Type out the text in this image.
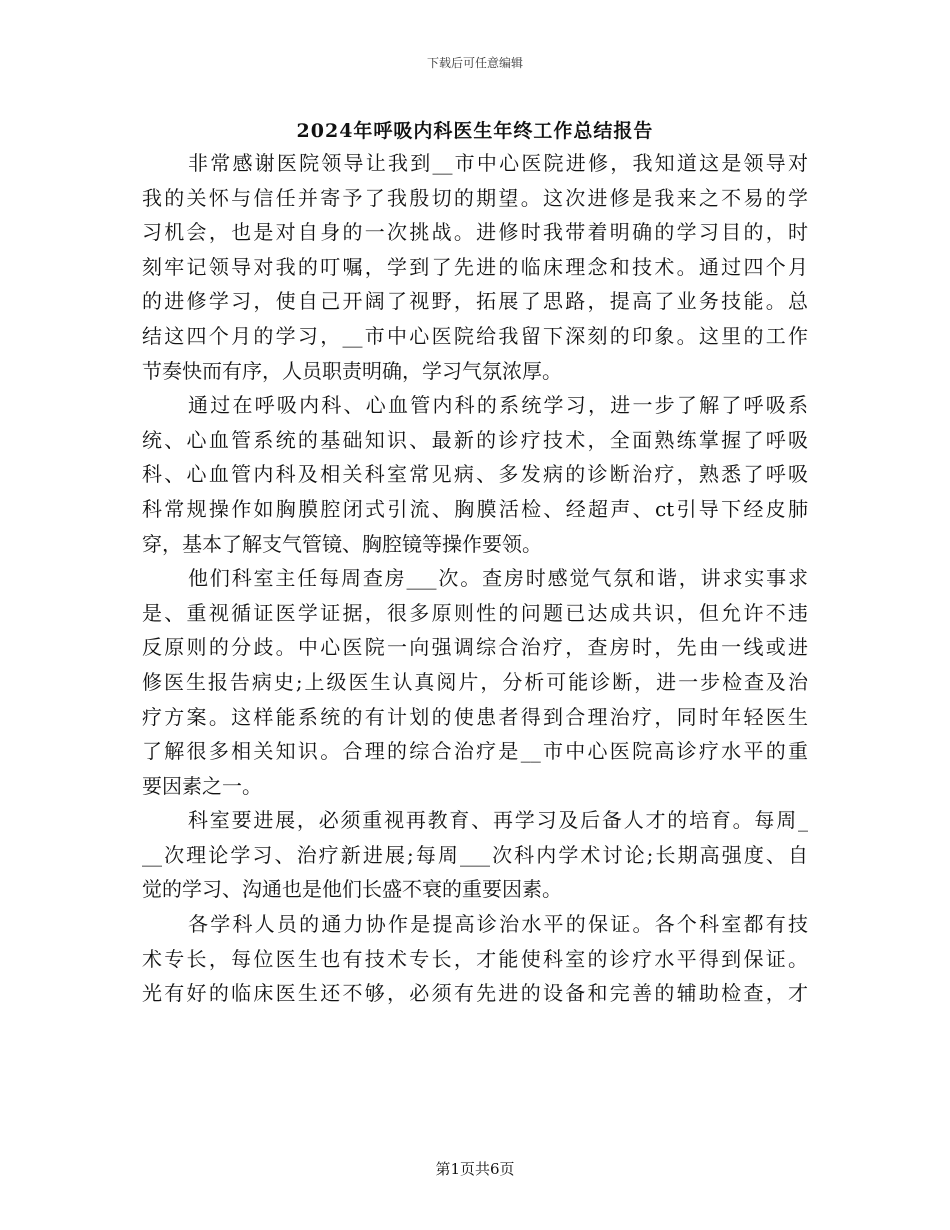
下载后可任意编辑
2024年呼吸内科医生年终工作总结报告
非常感谢医院领导让我到__市中心医院进修，我知道这是领导对
我的关怀与信任并寄予了我殷切的期望。这次进修是我来之不易的学
习机会，也是对自身的一次挑战。进修时我带着明确的学习目的，时
刻牢记领导对我的叮嘱，学到了先进的临床理念和技术。通过四个月
的进修学习，使自己开阔了视野，拓展了思路，提高了业务技能。总
结这四个月的学习，__市中心医院给我留下深刻的印象。这里的工作
节奏快而有序，人员职责明确，学习气氛浓厚。
通过在呼吸内科、心血管内科的系统学习，进一步了解了呼吸系
统、心血管系统的基础知识、最新的诊疗技术，全面熟练掌握了呼吸
科、心血管内科及相关科室常见病、多发病的诊断治疗，熟悉了呼吸
科常规操作如胸膜腔闭式引流、胸膜活检、经超声、ct引导下经皮肺
穿，基本了解支气管镜、胸腔镜等操作要领。
他们科室主任每周查房___次。查房时感觉气氛和谐，讲求实事求
是、重视循证医学证据，很多原则性的问题已达成共识，但允许不违
反原则的分歧。中心医院一向强调综合治疗，查房时，先由一线或进
修医生报告病史;上级医生认真阅片，分析可能诊断，进一步检查及治
疗方案。这样能系统的有计划的使患者得到合理治疗，同时年轻医生
了解很多相关知识。合理的综合治疗是__市中心医院高诊疗水平的重
要因素之一。
科室要进展，必须重视再教育、再学习及后备人才的培育。每周_
__次理论学习、治疗新进展;每周___次科内学术讨论;长期高强度、自
觉的学习、沟通也是他们长盛不衰的重要因素。
各学科人员的通力协作是提高诊治水平的保证。各个科室都有技
术专长，每位医生也有技术专长，才能使科室的诊疗水平得到保证。
光有好的临床医生还不够，必须有先进的设备和完善的辅助检查，才
第1页共6页
